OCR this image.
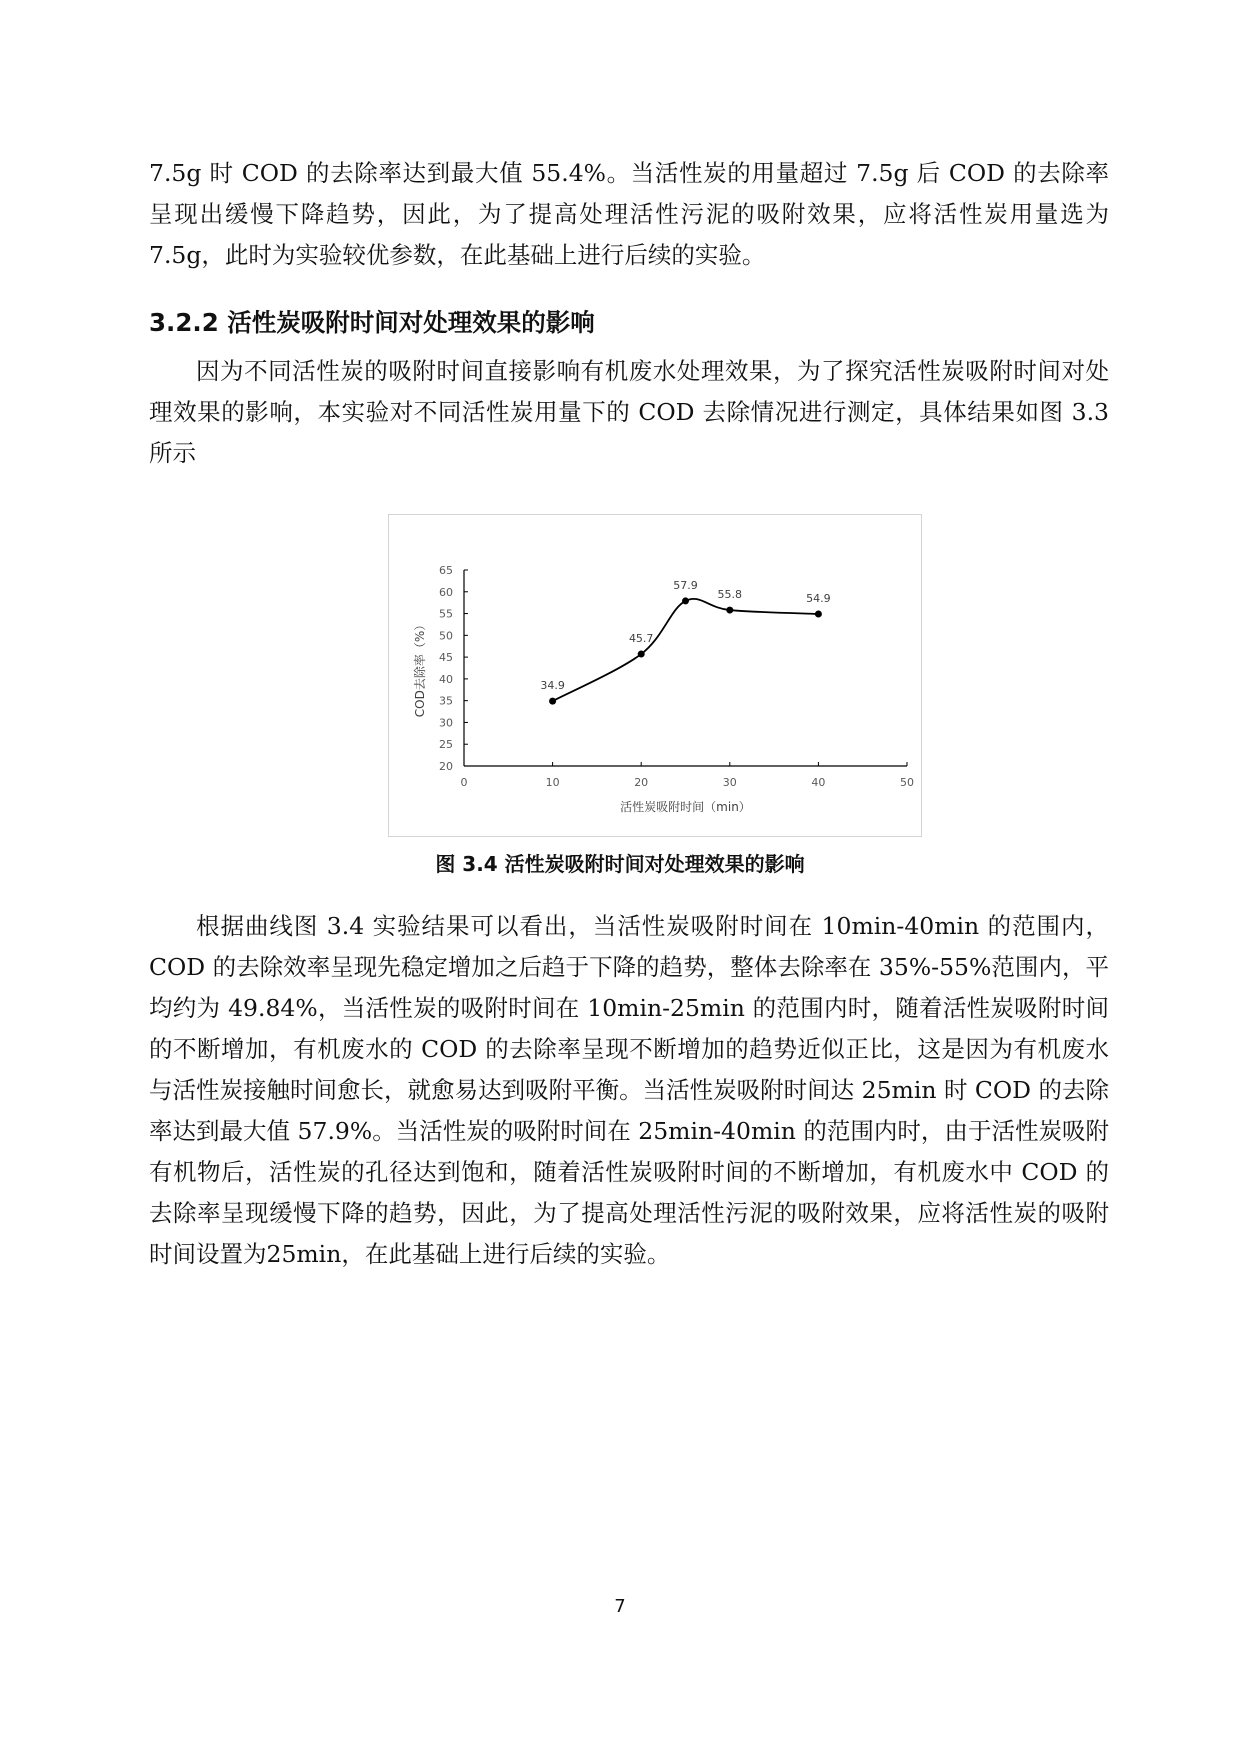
7.5g 时 COD 的去除率达到最大值 55.4%。当活性炭的用量超过 7.5g 后 COD 的去除率呈现出缓慢下降趋势，因此，为了提高处理活性污泥的吸附效果，应将活性炭用量选为 7.5g，此时为实验较优参数，在此基础上进行后续的实验。

3.2.2 活性炭吸附时间对处理效果的影响

因为不同活性炭的吸附时间直接影响有机废水处理效果，为了探究活性炭吸附时间对处理效果的影响，本实验对不同活性炭用量下的 COD 去除情况进行测定，具体结果如图 3.3 所示

20
25
30
35
40
45
50
55
60
65
0	10	20	30	40	50
活性炭吸附时间（min）
COD去除率（%）	34.9
45.7
57.9
55.8	54.9
图 3.4 活性炭吸附时间对处理效果的影响

根据曲线图 3.4 实验结果可以看出，当活性炭吸附时间在 10min-40min 的范围内，COD 的去除效率呈现先稳定增加之后趋于下降的趋势，整体去除率在 35%-55%范围内，平均约为 49.84%，当活性炭的吸附时间在 10min-25min 的范围内时，随着活性炭吸附时间的不断增加，有机废水的 COD 的去除率呈现不断增加的趋势近似正比，这是因为有机废水与活性炭接触时间愈长，就愈易达到吸附平衡。当活性炭吸附时间达 25min 时 COD 的去除率达到最大值 57.9%。当活性炭的吸附时间在 25min-40min 的范围内时，由于活性炭吸附有机物后，活性炭的孔径达到饱和，随着活性炭吸附时间的不断增加，有机废水中 COD 的去除率呈现缓慢下降的趋势，因此，为了提高处理活性污泥的吸附效果，应将活性炭的吸附时间设置为25min，在此基础上进行后续的实验。

7
